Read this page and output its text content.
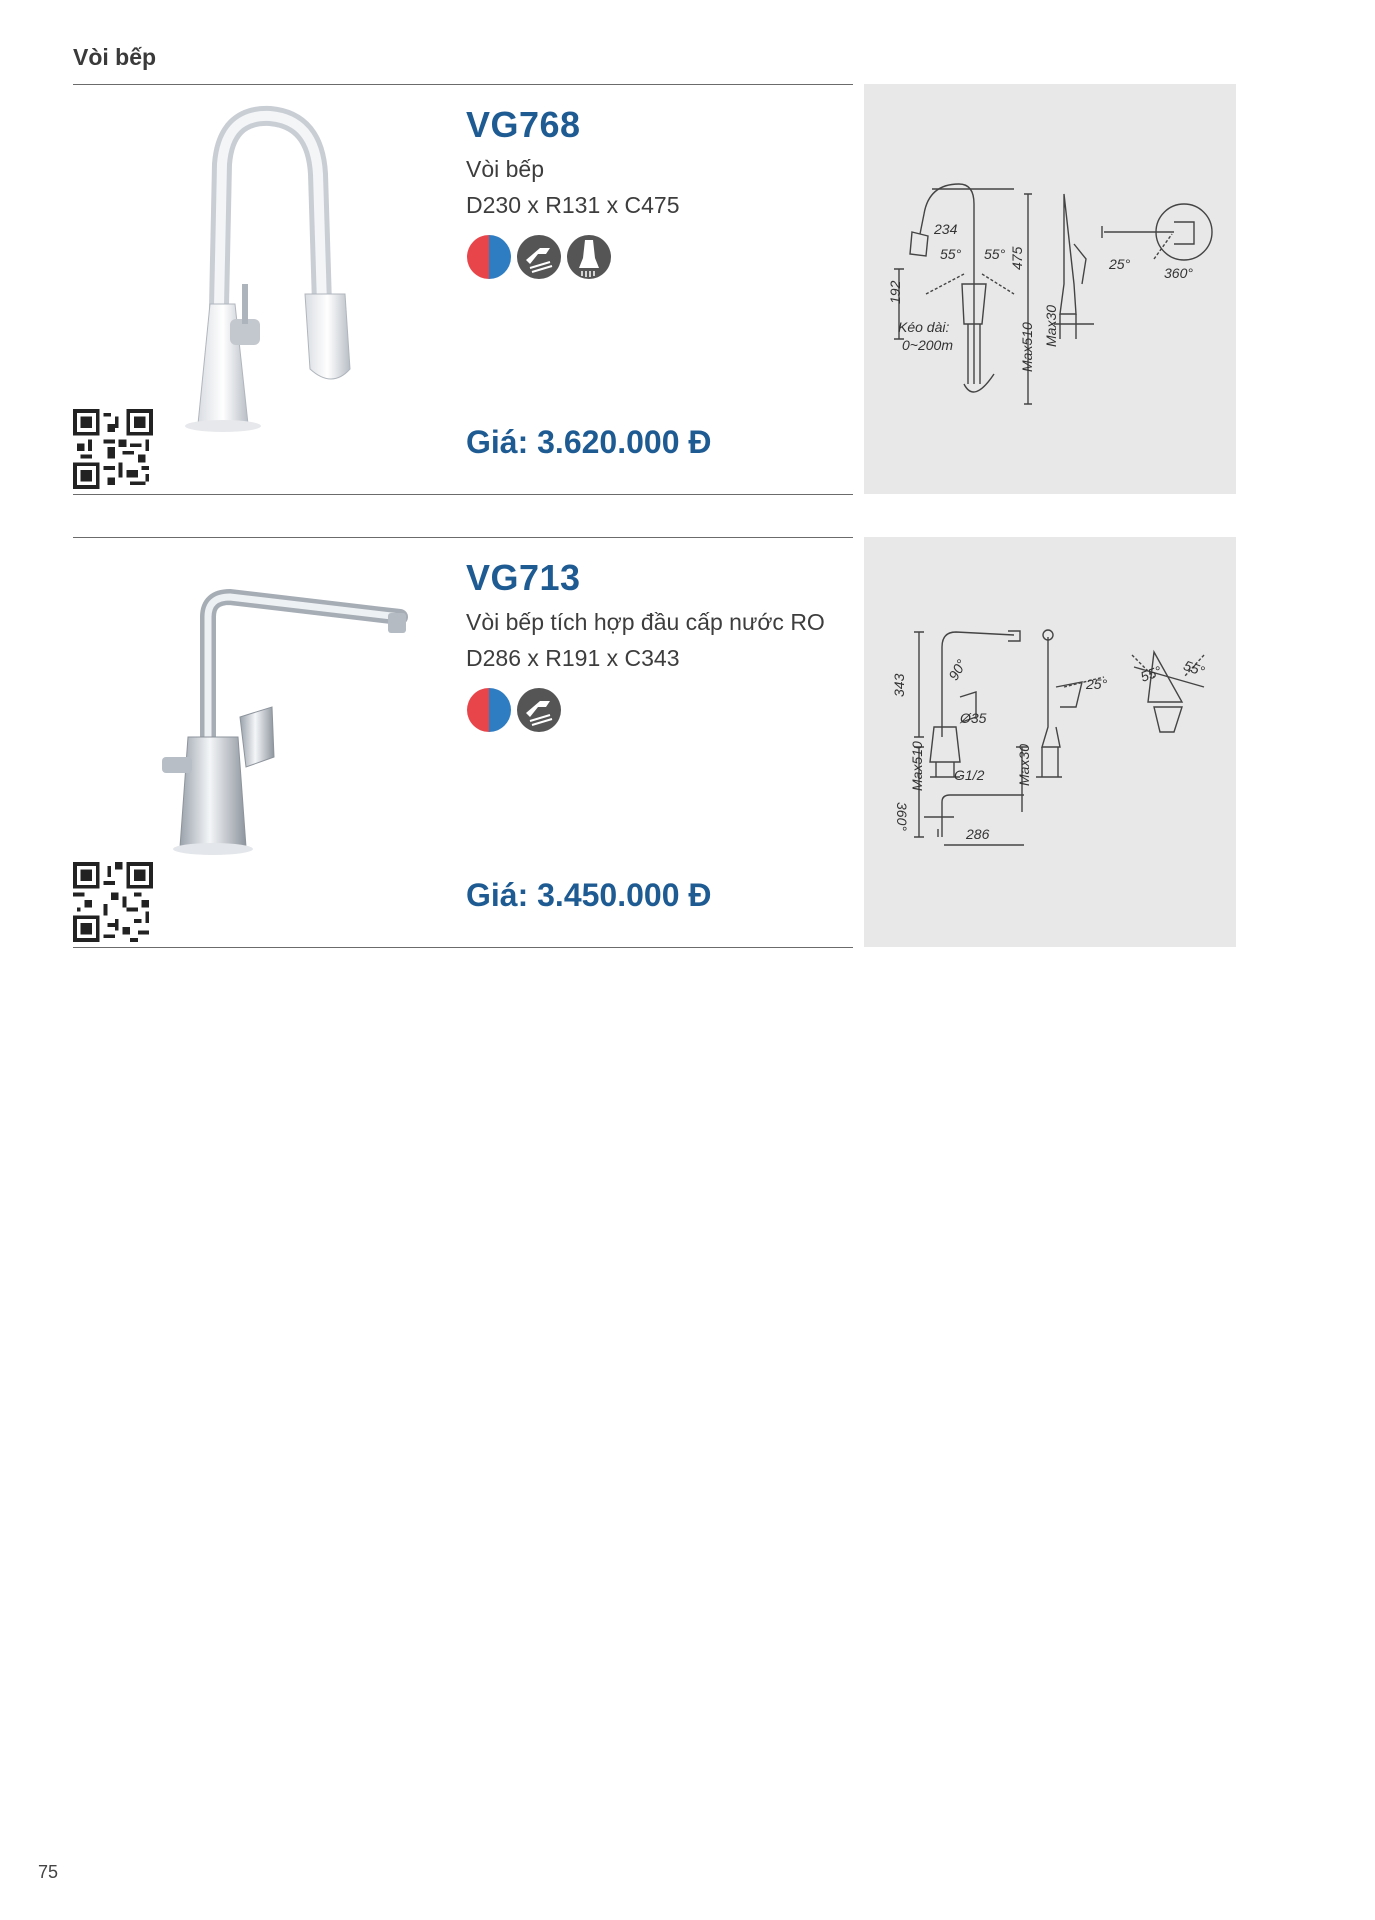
Vòi bếp
VG768
Vòi bếp
D230 x R131 x C475
Giá: 3.620.000 Đ
234
55° 55°
192
475
Kéo dài:
0~200m	Max510 Max30
25°
360°
VG713
Vòi bếp tích hợp đầu cấp nước RO
D286 x R191 x C343
Giá: 3.450.000 Đ
343
90°
Ø35
Max510 G1/2 Max30
25° 55° 55°
360°
286
75
